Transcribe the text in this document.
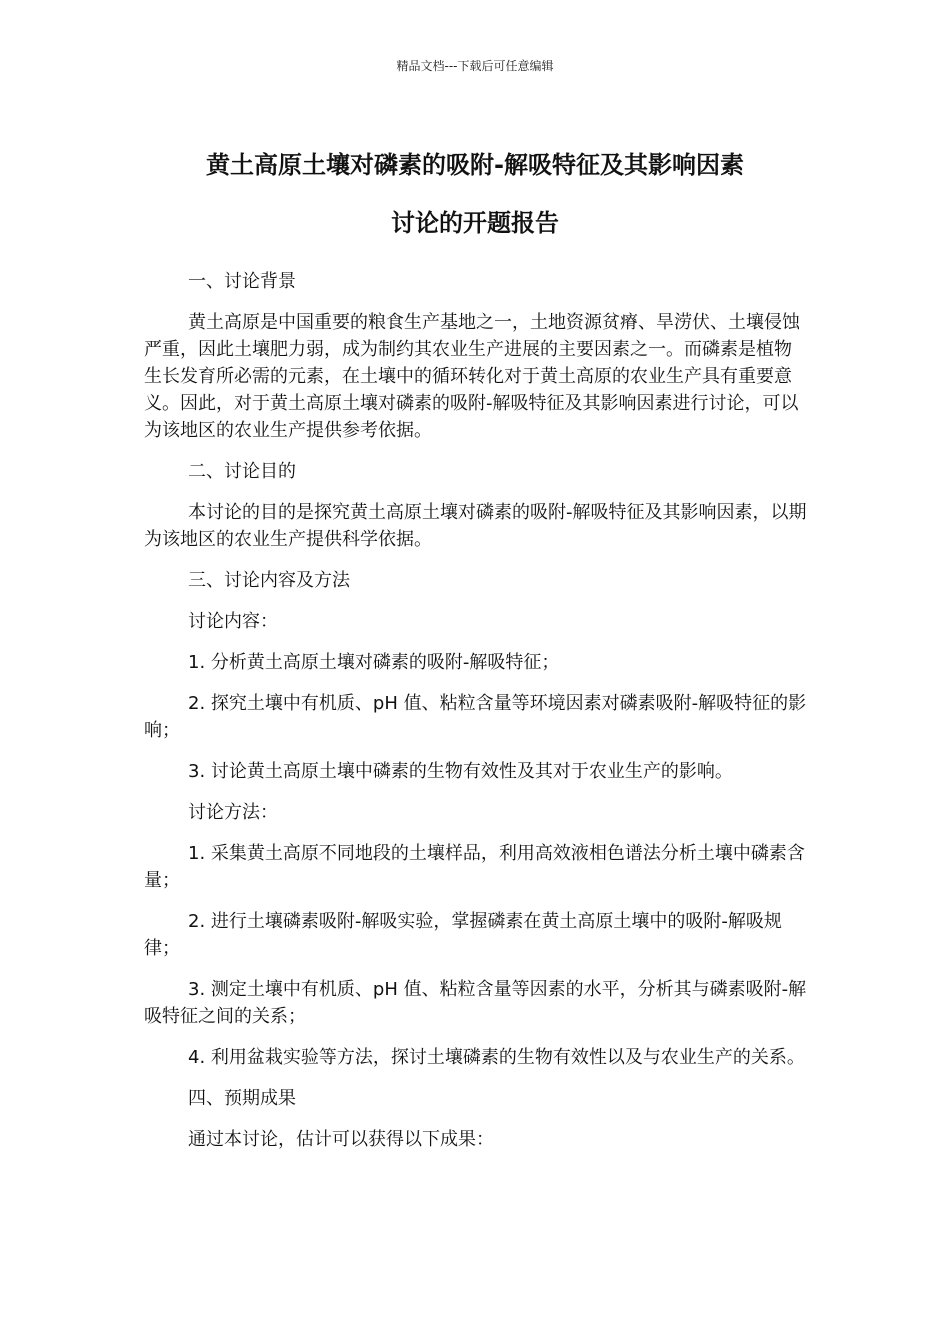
精品文档---下载后可任意编辑
黄土高原土壤对磷素的吸附-解吸特征及其影响因素
讨论的开题报告

一、讨论背景

黄土高原是中国重要的粮食生产基地之一，土地资源贫瘠、旱涝伏、土壤侵蚀严重，因此土壤肥力弱，成为制约其农业生产进展的主要因素之一。而磷素是植物生长发育所必需的元素，在土壤中的循环转化对于黄土高原的农业生产具有重要意义。因此，对于黄土高原土壤对磷素的吸附-解吸特征及其影响因素进行讨论，可以为该地区的农业生产提供参考依据。

二、讨论目的

本讨论的目的是探究黄土高原土壤对磷素的吸附-解吸特征及其影响因素，以期为该地区的农业生产提供科学依据。

三、讨论内容及方法

讨论内容：

1. 分析黄土高原土壤对磷素的吸附-解吸特征；

2. 探究土壤中有机质、pH 值、粘粒含量等环境因素对磷素吸附-解吸特征的影响；

3. 讨论黄土高原土壤中磷素的生物有效性及其对于农业生产的影响。

讨论方法：

1. 采集黄土高原不同地段的土壤样品，利用高效液相色谱法分析土壤中磷素含量；

2. 进行土壤磷素吸附-解吸实验，掌握磷素在黄土高原土壤中的吸附-解吸规律；

3. 测定土壤中有机质、pH 值、粘粒含量等因素的水平，分析其与磷素吸附-解吸特征之间的关系；

4. 利用盆栽实验等方法，探讨土壤磷素的生物有效性以及与农业生产的关系。

四、预期成果

通过本讨论，估计可以获得以下成果：
